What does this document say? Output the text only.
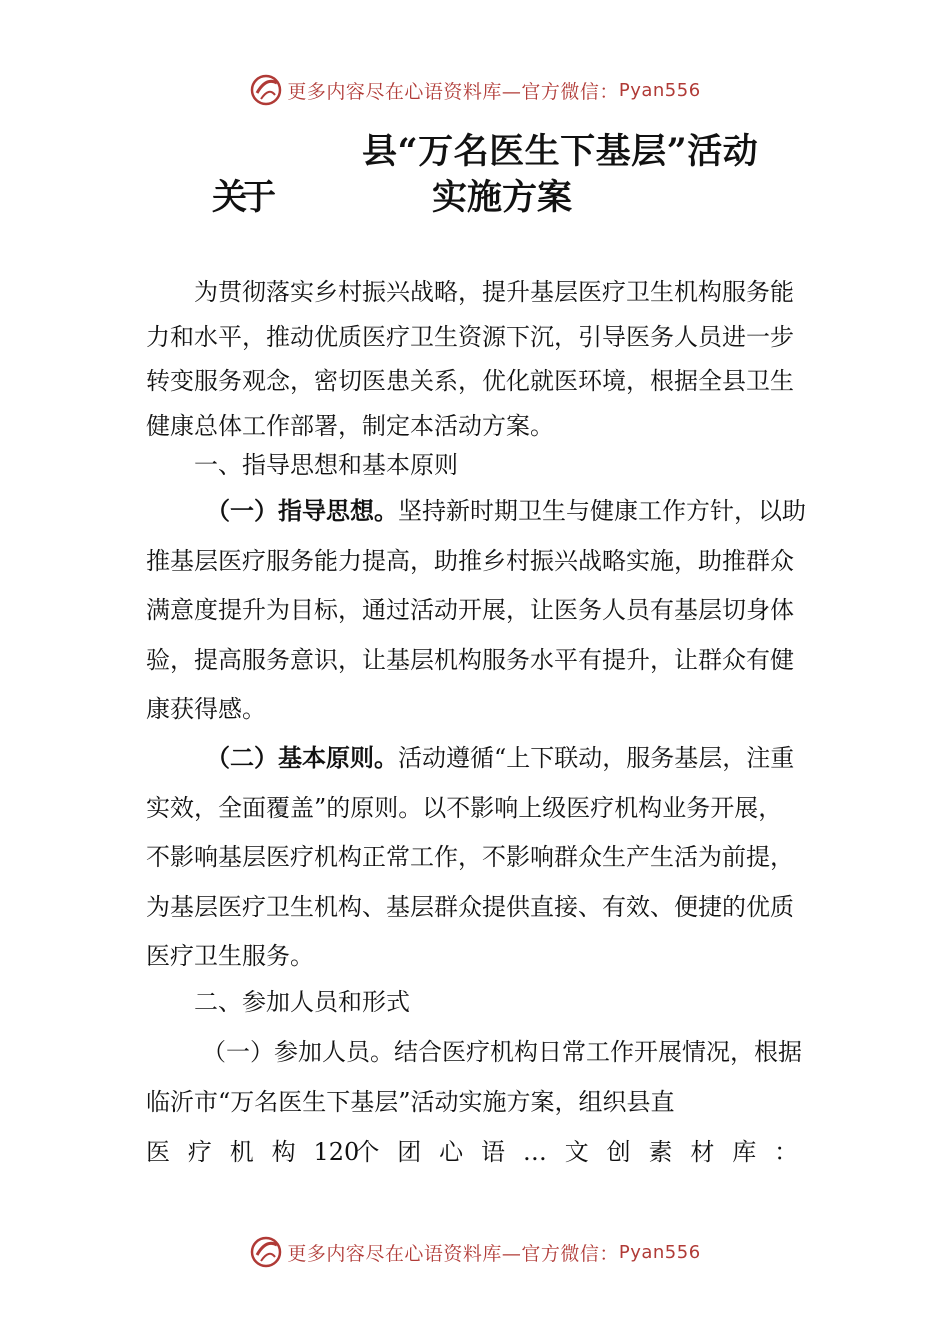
更多内容尽在心语资料库—官方微信： Pyan556
县“万名医生下基层”活动
关于	实施方案
为贯彻落实乡村振兴战略，提升基层医疗卫生机构服务能力和水平，推动优质医疗卫生资源下沉，引导医务人员进一步转变服务观念，密切医患关系，优化就医环境，根据全县卫生健康总体工作部署，制定本活动方案。
一、指导思想和基本原则
（一）指导思想。坚持新时期卫生与健康工作方针，以助推基层医疗服务能力提高，助推乡村振兴战略实施，助推群众满意度提升为目标，通过活动开展，让医务人员有基层切身体验，提高服务意识，让基层机构服务水平有提升，让群众有健康获得感。
（二）基本原则。活动遵循“上下联动，服务基层，注重实效，全面覆盖”的原则。以不影响上级医疗机构业务开展，不影响基层医疗机构正常工作，不影响群众生产生活为前提，为基层医疗卫生机构、基层群众提供直接、有效、便捷的优质医疗卫生服务。
二、参加人员和形式
（一）参加人员。结合医疗机构日常工作开展情况，根据临沂市“万名医生下基层”活动实施方案，组织县直
医 疗 机 构 120
个 团 心 语 … 文 创 素 材 库 ：
更多内容尽在心语资料库—官方微信： Pyan556
